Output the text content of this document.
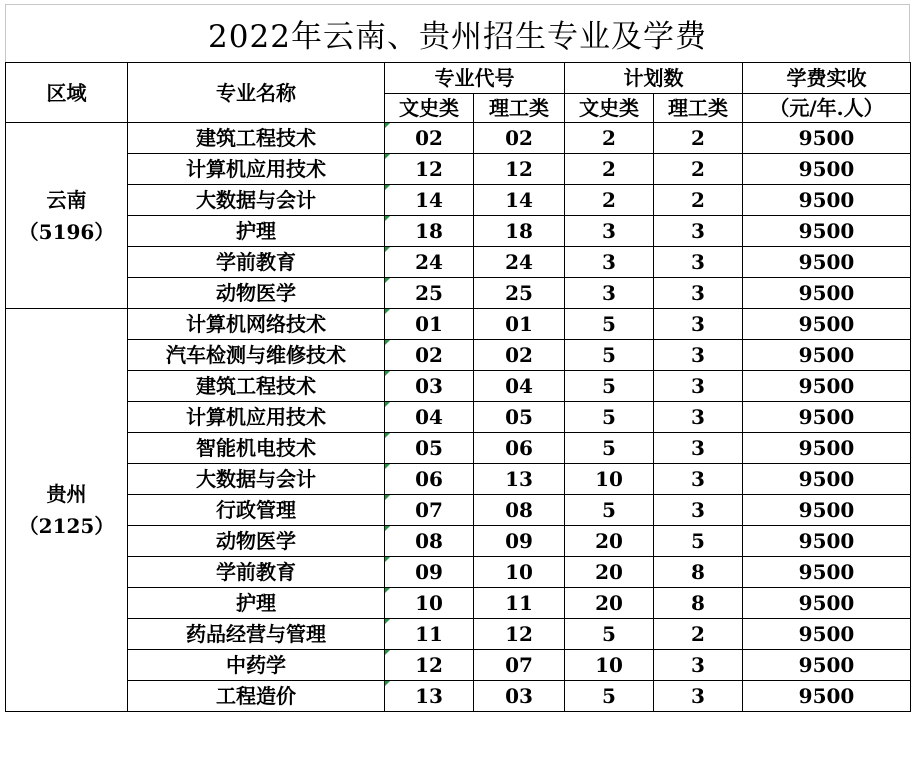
2022年云南、贵州招生专业及学费
区域	专业名称	专业代号		计划数		学费实收
		文史类	理工类	文史类	理工类	（元/年.人）

云南
（5196）	建筑工程技术	02	02	2	2	9500
	计算机应用技术	12	12	2	2	9500
	大数据与会计	14	14	2	2	9500
	护理	18	18	3	3	9500
	学前教育	24	24	3	3	9500
	动物医学	25	25	3	3	9500

贵州
（2125）	计算机网络技术	01	01	5	3	9500
	汽车检测与维修技术	02	02	5	3	9500
	建筑工程技术	03	04	5	3	9500
	计算机应用技术	04	05	5	3	9500
	智能机电技术	05	06	5	3	9500
	大数据与会计	06	13	10	3	9500
	行政管理	07	08	5	3	9500
	动物医学	08	09	20	5	9500
	学前教育	09	10	20	8	9500
	护理	10	11	20	8	9500
	药品经营与管理	11	12	5	2	9500
	中药学	12	07	10	3	9500
	工程造价	13	03	5	3	9500
